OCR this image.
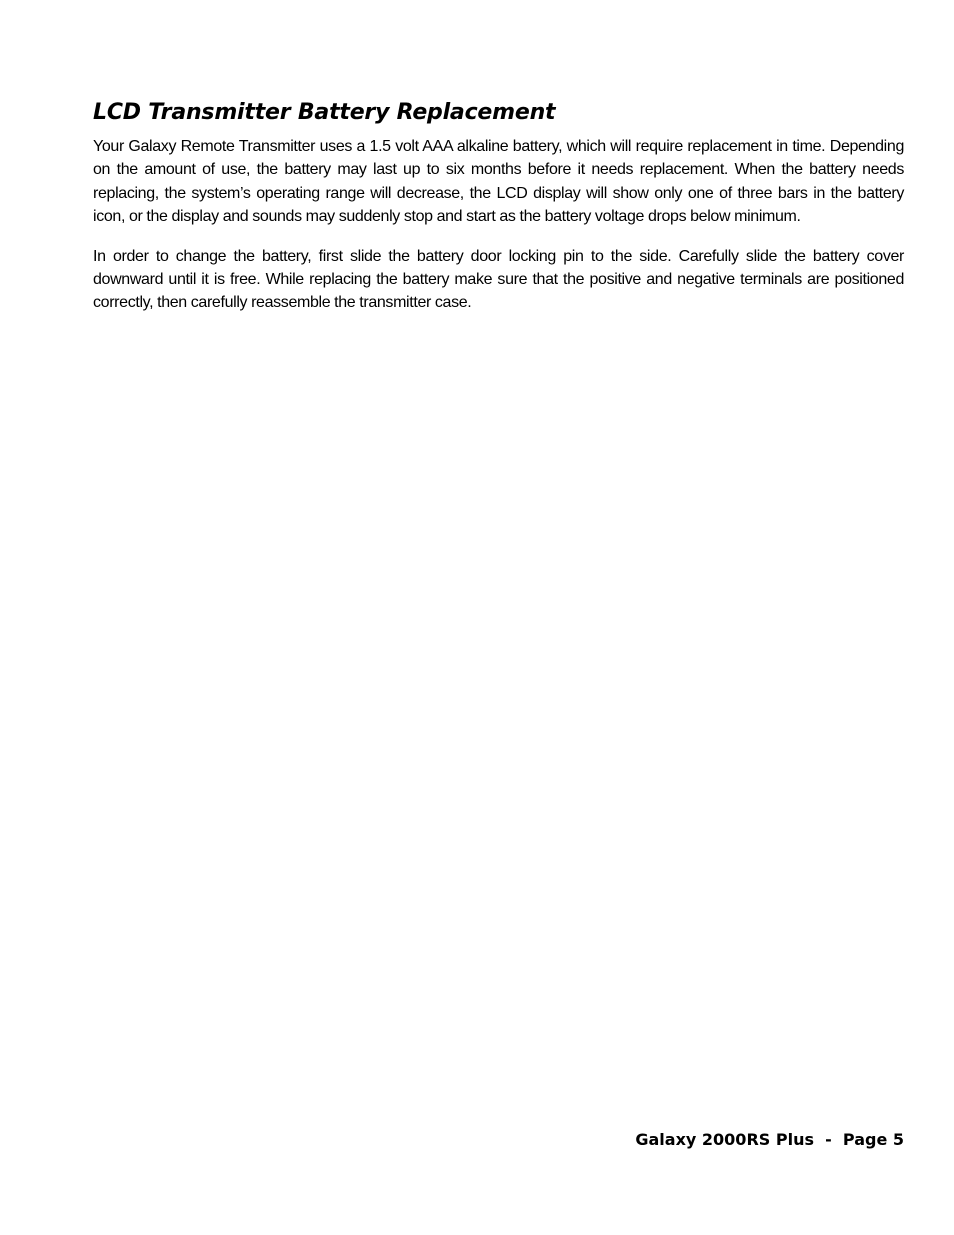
LCD Transmitter Battery Replacement

Your Galaxy Remote Transmitter uses a 1.5 volt AAA alkaline battery, which will require replacement in time. Depending on the amount of use, the battery may last up to six months before it needs replacement. When the battery needs replacing, the system’s operating range will decrease, the LCD display will show only one of three bars in the battery icon, or the display and sounds may suddenly stop and start as the battery voltage drops below minimum.

In order to change the battery, first slide the battery door locking pin to the side. Carefully slide the battery cover downward until it is free. While replacing the battery make sure that the positive and negative terminals are positioned correctly, then carefully reassemble the transmitter case.

Galaxy 2000RS Plus  -  Page 5
